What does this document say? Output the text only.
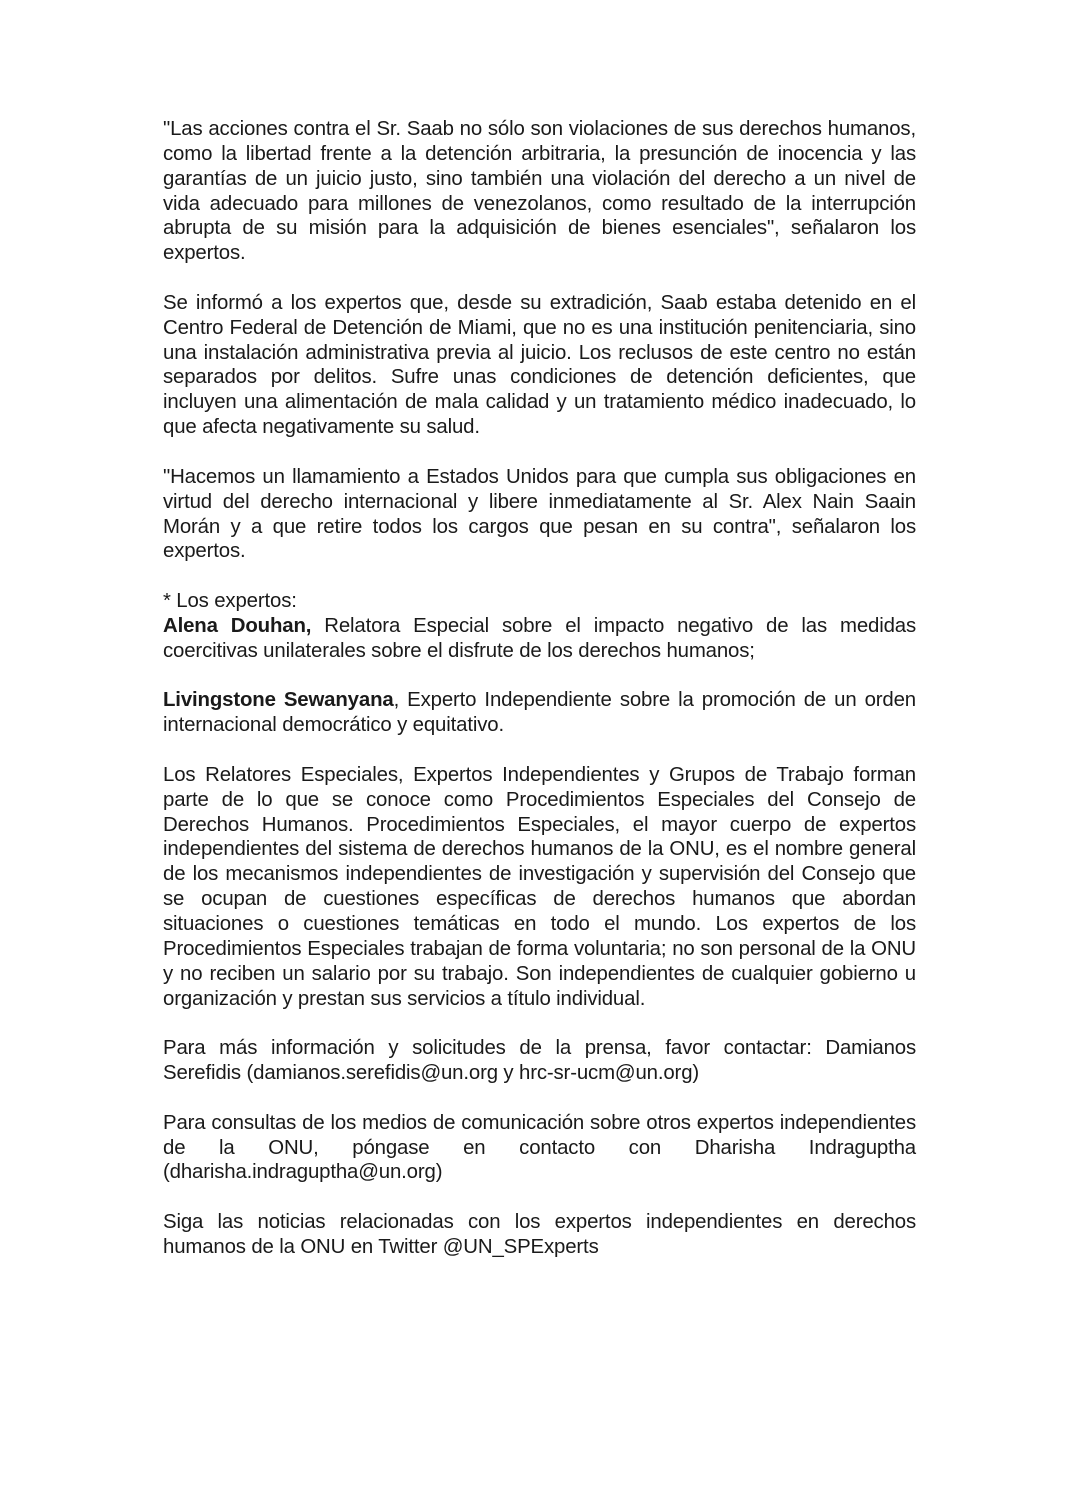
"Las acciones contra el Sr. Saab no sólo son violaciones de sus derechos humanos, como la libertad frente a la detención arbitraria, la presunción de inocencia y las garantías de un juicio justo, sino también una violación del derecho a un nivel de vida adecuado para millones de venezolanos, como resultado de la interrupción abrupta de su misión para la adquisición de bienes esenciales", señalaron los expertos.

Se informó a los expertos que, desde su extradición, Saab estaba detenido en el Centro Federal de Detención de Miami, que no es una institución penitenciaria, sino una instalación administrativa previa al juicio. Los reclusos de este centro no están separados por delitos. Sufre unas condiciones de detención deficientes, que incluyen una alimentación de mala calidad y un tratamiento médico inadecuado, lo que afecta negativamente su salud.

"Hacemos un llamamiento a Estados Unidos para que cumpla sus obligaciones en virtud del derecho internacional y libere inmediatamente al Sr. Alex Nain Saain Morán y a que retire todos los cargos que pesan en su contra", señalaron los expertos.

* Los expertos:

Alena Douhan, Relatora Especial sobre el impacto negativo de las medidas coercitivas unilaterales sobre el disfrute de los derechos humanos;

Livingstone Sewanyana, Experto Independiente sobre la promoción de un orden internacional democrático y equitativo.

Los Relatores Especiales, Expertos Independientes y Grupos de Trabajo forman parte de lo que se conoce como Procedimientos Especiales del Consejo de Derechos Humanos. Procedimientos Especiales, el mayor cuerpo de expertos independientes del sistema de derechos humanos de la ONU, es el nombre general de los mecanismos independientes de investigación y supervisión del Consejo que se ocupan de cuestiones específicas de derechos humanos que abordan situaciones o cuestiones temáticas en todo el mundo. Los expertos de los Procedimientos Especiales trabajan de forma voluntaria; no son personal de la ONU y no reciben un salario por su trabajo. Son independientes de cualquier gobierno u organización y prestan sus servicios a título individual.

Para más información y solicitudes de la prensa, favor contactar: Damianos Serefidis (damianos.serefidis@un.org y hrc-sr-ucm@un.org)

Para consultas de los medios de comunicación sobre otros expertos independientes de la ONU, póngase en contacto con Dharisha Indraguptha (dharisha.indraguptha@un.org)

Siga las noticias relacionadas con los expertos independientes en derechos humanos de la ONU en Twitter @UN_SPExperts
